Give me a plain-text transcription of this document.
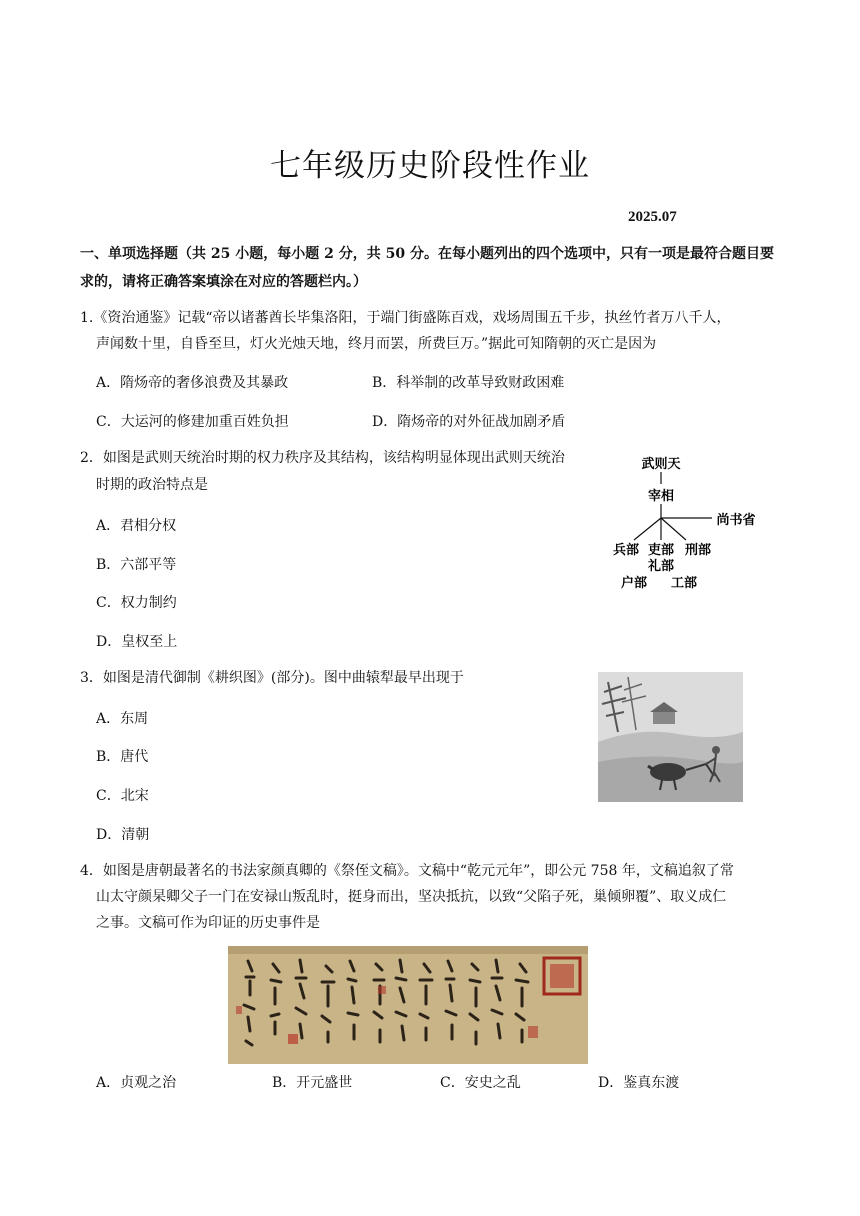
七年级历史阶段性作业
2025.07
一、单项选择题（共 25 小题，每小题 2 分，共 50 分。在每小题列出的四个选项中，只有一项是最符合题目要求的，请将正确答案填涂在对应的答题栏内。）
1.《资治通鉴》记载“帝以诸蕃酋长毕集洛阳，于端门街盛陈百戏，戏场周围五千步，执丝竹者万八千人，
声闻数十里，自昏至旦，灯火光烛天地，终月而罢，所费巨万。”据此可知隋朝的灭亡是因为
A．隋炀帝的奢侈浪费及其暴政	B．科举制的改革导致财政困难
C．大运河的修建加重百姓负担	D．隋炀帝的对外征战加剧矛盾
2．如图是武则天统治时期的权力秩序及其结构，该结构明显体现出武则天统治
时期的政治特点是
A．君相分权
B．六部平等
C．权力制约
D．皇权至上
武则天
宰相
尚书省
兵部 吏部 刑部
礼部
户部 工部
3．如图是清代御制《耕织图》(部分)。图中曲辕犁最早出现于
A．东周
B．唐代
C．北宋
D．清朝
4．如图是唐朝最著名的书法家颜真卿的《祭侄文稿》。文稿中“乾元元年”，即公元 758 年，文稿追叙了常
山太守颜杲卿父子一门在安禄山叛乱时，挺身而出，坚决抵抗，以致“父陷子死，巢倾卵覆”、取义成仁
之事。文稿可作为印证的历史事件是
A．贞观之治	B．开元盛世	C．安史之乱	D．鉴真东渡
